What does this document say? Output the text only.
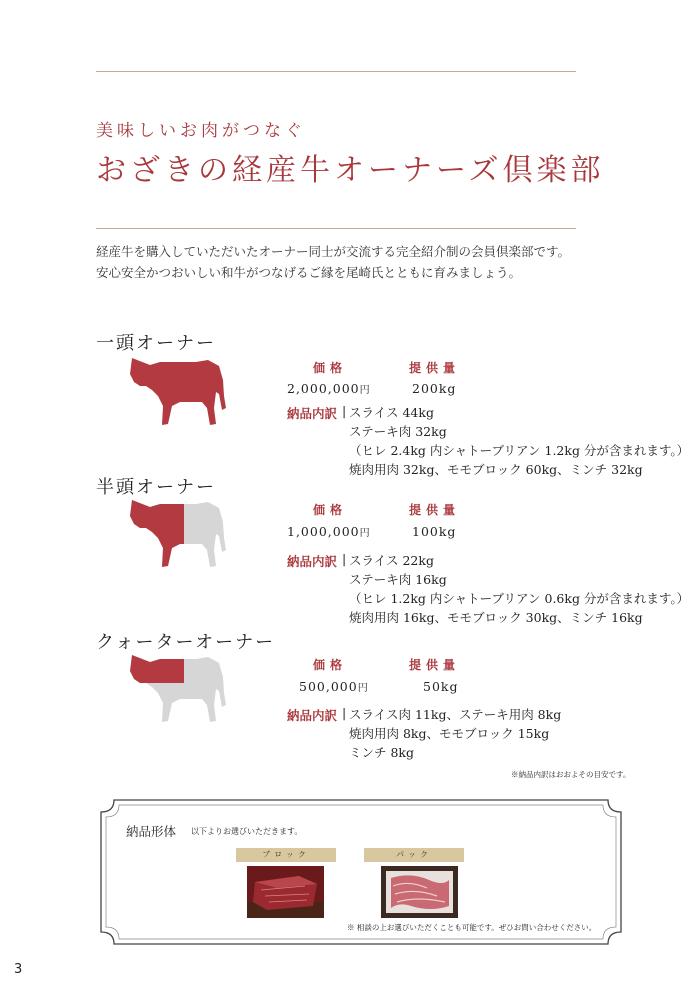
美味しいお肉がつなぐ
おざきの経産牛オーナーズ倶楽部
経産牛を購入していただいたオーナー同士が交流する完全紹介制の会員倶楽部です。
安心安全かつおいしい和牛がつなげるご縁を尾崎氏とともに育みましょう。
一頭オーナー
価格	提供量
2,000,000円	200kg
納品内訳 | スライス 44kg
ステーキ肉 32kg
（ヒレ 2.4kg 内シャトーブリアン 1.2kg 分が含まれます。）
焼肉用肉 32kg、モモブロック 60kg、ミンチ 32kg
半頭オーナー
価格	提供量
1,000,000円	100kg
納品内訳 | スライス 22kg
ステーキ肉 16kg
（ヒレ 1.2kg 内シャトーブリアン 0.6kg 分が含まれます。）
焼肉用肉 16kg、モモブロック 30kg、ミンチ 16kg
クォーターオーナー
価格	提供量
500,000円	50kg
納品内訳 | スライス肉 11kg、ステーキ用肉 8kg
焼肉用肉 8kg、モモブロック 15kg
ミンチ 8kg
※納品内訳はおおよその目安です。
納品形体 以下よりお選びいただきます。
ブロック	パック
※ 相談の上お選びいただくことも可能です。ぜひお問い合わせください。
3
